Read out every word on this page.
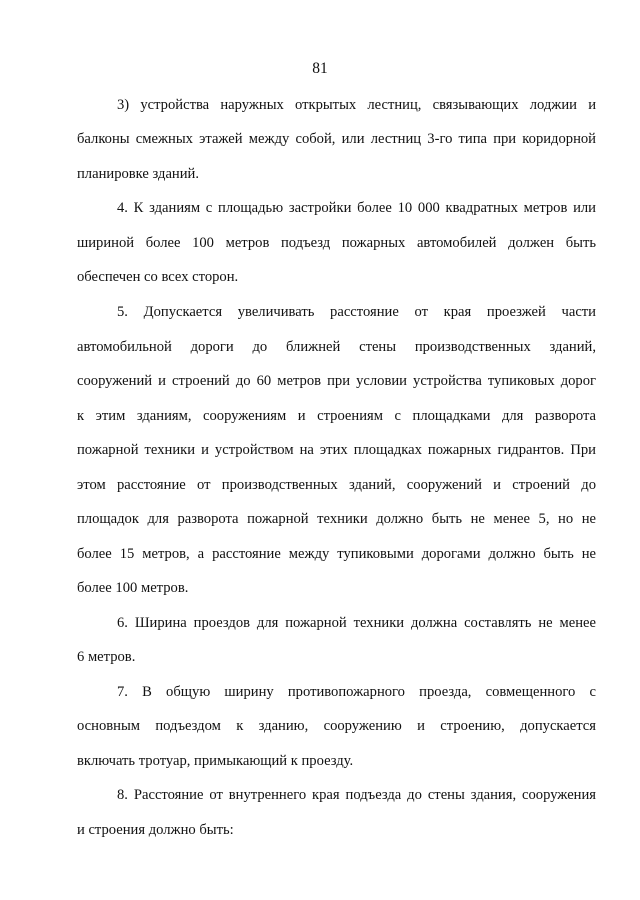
81
3) устройства наружных открытых лестниц, связывающих лоджии и
балконы смежных этажей между собой, или лестниц 3-го типа при коридорной
планировке зданий.
4. К зданиям с площадью застройки более 10 000 квадратных метров или
шириной более 100 метров подъезд пожарных автомобилей должен быть
обеспечен со всех сторон.
5. Допускается увеличивать расстояние от края проезжей части
автомобильной дороги до ближней стены производственных зданий,
сооружений и строений до 60 метров при условии устройства тупиковых дорог
к этим зданиям, сооружениям и строениям с площадками для разворота
пожарной техники и устройством на этих площадках пожарных гидрантов. При
этом расстояние от производственных зданий, сооружений и строений до
площадок для разворота пожарной техники должно быть не менее 5, но не
более 15 метров, а расстояние между тупиковыми дорогами должно быть не
более 100 метров.
6. Ширина проездов для пожарной техники должна составлять не менее
6 метров.
7. В общую ширину противопожарного проезда, совмещенного с
основным подъездом к зданию, сооружению и строению, допускается
включать тротуар, примыкающий к проезду.
8. Расстояние от внутреннего края подъезда до стены здания, сооружения
и строения должно быть:
